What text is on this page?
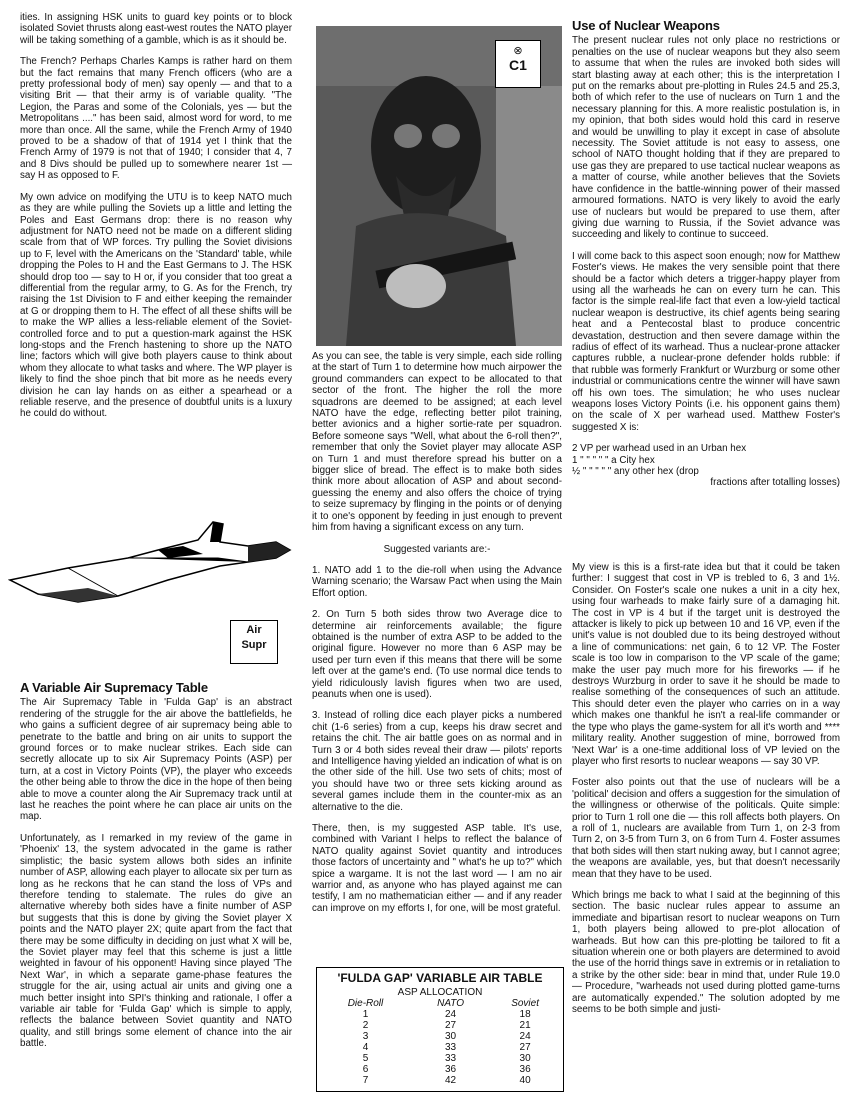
ities. In assigning HSK units to guard key points or to block isolated Soviet thrusts along east-west routes the NATO player will be taking something of a gamble, which is as it should be.

The French? Perhaps Charles Kamps is rather hard on them but the fact remains that many French officers (who are a pretty professional body of men) say openly — and that to a visiting Brit — that their army is of variable quality. "The Legion, the Paras and some of the Colonials, yes — but the Metropolitans ...." has been said, almost word for word, to me more than once. All the same, while the French Army of 1940 proved to be a shadow of that of 1914 yet I think that the French Army of 1979 is not that of 1940; I consider that 4, 7 and 8 Divs should be pulled up to somewhere nearer 1st — say H as opposed to F.

My own advice on modifying the UTU is to keep NATO much as they are while pulling the Soviets up a little and letting the Poles and East Germans drop: there is no reason why adjustment for NATO need not be made on a different sliding scale from that of WP forces. Try pulling the Soviet divisions up to F, level with the Americans on the 'Standard' table, while dropping the Poles to H and the East Germans to J. The HSK should drop too — say to H or, if you consider that too great a differential from the regular army, to G. As for the French, try raising the 1st Division to F and either keeping the remainder at G or dropping them to H. The effect of all these shifts will be to make the WP allies a less-reliable element of the Soviet-controlled force and to put a question-mark against the HSK long-stops and the French hastening to shore up the NATO line; factors which will give both players cause to think about whom they allocate to what tasks and where. The WP player is likely to find the shoe pinch that bit more as he needs every division he can lay hands on as either a spearhead or a reliable reserve, and the presence of doubtful units is a luxury he could do without.

Air
Supr
A Variable Air Supremacy Table

The Air Supremacy Table in 'Fulda Gap' is an abstract rendering of the struggle for the air above the battlefields, he who gains a sufficient degree of air supremacy being able to penetrate to the battle and bring on air units to support the ground forces or to make nuclear strikes. Each side can secretly allocate up to six Air Supremacy Points (ASP) per turn, at a cost in Victory Points (VP), the player who exceeds the other being able to throw the dice in the hope of then being able to move a counter along the Air Supremacy track until at last he reaches the point where he can place air units on the map.

Unfortunately, as I remarked in my review of the game in 'Phoenix' 13, the system advocated in the game is rather simplistic; the basic system allows both sides an infinite number of ASP, allowing each player to allocate six per turn as long as he reckons that he can stand the loss of VPs and therefore tending to stalemate. The rules do give an alternative whereby both sides have a finite number of ASP but suggests that this is done by giving the Soviet player X points and the NATO player 2X; quite apart from the fact that there may be some difficulty in deciding on just what X will be, the Soviet player may feel that this scheme is just a little weighted in favour of his opponent! Having since played 'The Next War', in which a separate game-phase features the struggle for the air, using actual air units and giving one a much better insight into SPI's thinking and rationale, I offer a variable air table for 'Fulda Gap' which is simple to apply, reflects the balance between Soviet quantity and NATO quality, and still brings some element of chance into the air battle.

⊗
C1

As you can see, the table is very simple, each side rolling at the start of Turn 1 to determine how much airpower the ground commanders can expect to be allocated to that sector of the front. The higher the roll the more squadrons are deemed to be assigned; at each level NATO have the edge, reflecting better pilot training, better avionics and a higher sortie-rate per squadron. Before someone says "Well, what about the 6-roll then?", remember that only the Soviet player may allocate ASP on Turn 1 and must therefore spread his butter on a bigger slice of bread. The effect is to make both sides think more about allocation of ASP and about second-guessing the enemy and also offers the choice of trying to seize supremacy by flinging in the points or of denying it to one's opponent by feeding in just enough to prevent him from having a significant excess on any turn.

Suggested variants are:-

1. NATO add 1 to the die-roll when using the Advance Warning scenario; the Warsaw Pact when using the Main Effort option.

2. On Turn 5 both sides throw two Average dice to determine air reinforcements available; the figure obtained is the number of extra ASP to be added to the original figure. However no more than 6 ASP may be used per turn even if this means that there will be some left over at the game's end. (To use normal dice tends to yield ridiculously lavish figures when two are used, peanuts when one is used).

3. Instead of rolling dice each player picks a numbered chit (1-6 series) from a cup, keeps his draw secret and retains the chit. The air battle goes on as normal and in Turn 3 or 4 both sides reveal their draw — pilots' reports and Intelligence having yielded an indication of what is on the other side of the hill. Use two sets of chits; most of you should have two or three sets kicking around as several games include them in the counter-mix as an alternative to the die.

There, then, is my suggested ASP table. It's use, combined with Variant I helps to reflect the balance of NATO quality against Soviet quantity and introduces those factors of uncertainty and " what's he up to?" which spice a wargame. It is not the last word — I am no air warrior and, as anyone who has played against me can testify, I am no mathematician either — and if any reader can improve on my efforts I, for one, will be most grateful.

'FULDA GAP' VARIABLE AIR TABLE
ASP ALLOCATION
Die-Roll	NATO	Soviet
1	24	18
2	27	21
3	30	24
4	33	27
5	33	30
6	36	36
7	42	40
Use of Nuclear Weapons

The present nuclear rules not only place no restrictions or penalties on the use of nuclear weapons but they also seem to assume that when the rules are invoked both sides will start blasting away at each other; this is the interpretation I put on the remarks about pre-plotting in Rules 24.5 and 25.3, both of which refer to the use of nuclears on Turn 1 and the necessary planning for this. A more realistic postulation is, in my opinion, that both sides would hold this card in reserve and would be unwilling to play it except in case of absolute necessity. The Soviet attitude is not easy to assess, one school of NATO thought holding that if they are prepared to use gas they are prepared to use tactical nuclear weapons as a matter of course, while another believes that the Soviets have confidence in the battle-winning power of their massed armoured formations. NATO is very likely to avoid the early use of nuclears but would be prepared to use them, after giving due warning to Russia, if the Soviet advance was succeeding and likely to continue to succeed.

I will come back to this aspect soon enough; now for Matthew Foster's views. He makes the very sensible point that there should be a factor which deters a trigger-happy player from using all the warheads he can on every turn he can. This factor is the simple real-life fact that even a low-yield tactical nuclear weapon is destructive, its chief agents being searing heat and a Pentecostal blast to produce concentric devastation, destruction and then severe damage within the radius of effect of its warhead. Thus a nuclear-prone attacker captures rubble, a nuclear-prone defender holds rubble: if that rubble was formerly Frankfurt or Wurzburg or some other industrial or communications centre the winner will have sawn off his own toes. The simulation; he who uses nuclear weapons loses Victory Points (i.e. his opponent gains them) on the scale of X per warhead used. Matthew Foster's suggested X is:

2 VP per warhead used in an Urban hex
1 " " " " " a City hex
½ " " " " " any other hex (drop
fractions after totalling losses)

My view is this is a first-rate idea but that it could be taken further: I suggest that cost in VP is trebled to 6, 3 and 1½. Consider. On Foster's scale one nukes a unit in a city hex, using four warheads to make fairly sure of a damaging hit. The cost in VP is 4 but if the target unit is destroyed the attacker is likely to pick up between 10 and 16 VP, even if the unit's value is not doubled due to its being destroyed without a line of communications: net gain, 6 to 12 VP. The Foster scale is too low in comparison to the VP scale of the game; make the user pay much more for his fireworks — if he destroys Wurzburg in order to save it he should be made to realise something of the consequences of such an attitude. This should deter even the player who carries on in a way which makes one thankful he isn't a real-life commander or the type who plays the game-system for all it's worth and **** military reality. Another suggestion of mine, borrowed from 'Next War' is a one-time additional loss of VP levied on the player who first resorts to nuclear weapons — say 30 VP.

Foster also points out that the use of nuclears will be a 'political' decision and offers a suggestion for the simulation of the willingness or otherwise of the politicals. Quite simple: prior to Turn 1 roll one die — this roll affects both players. On a roll of 1, nuclears are available from Turn 1, on 2-3 from Turn 2, on 3-5 from Turn 3, on 6 from Turn 4. Foster assumes that both sides will then start nuking away, but I cannot agree; the weapons are available, yes, but that doesn't necessarily mean that they have to be used.

Which brings me back to what I said at the beginning of this section. The basic nuclear rules appear to assume an immediate and bipartisan resort to nuclear weapons on Turn 1, both players being allowed to pre-plot allocation of warheads. But how can this pre-plotting be tailored to fit a situation wherein one or both players are determined to avoid the use of the horrid things save in extremis or in retaliation to a strike by the other side: bear in mind that, under Rule 19.0 — Procedure, "warheads not used during plotted game-turns are automatically expended." The solution adopted by me seems to be both simple and justi-
